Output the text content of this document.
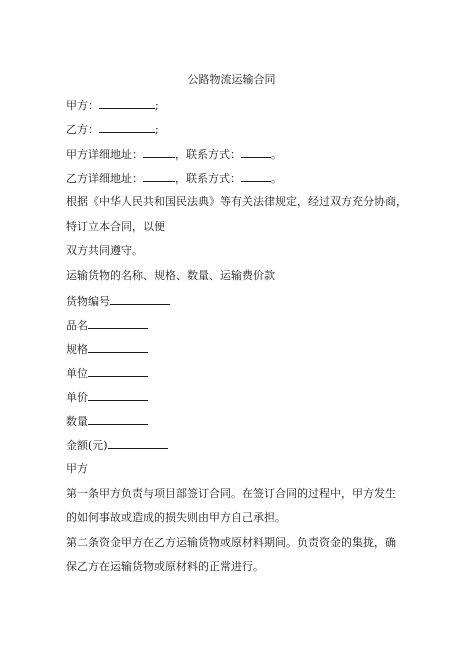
公路物流运输合同
甲方：	;
乙方：	;
甲方详细地址：	，联系方式：	。
乙方详细地址：	，联系方式：	。
根据《中华人民共和国民法典》等有关法律规定，经过双方充分协商，
特订立本合同，以便
双方共同遵守。
运输货物的名称、规格、数量、运输费价款
货物编号
品名
规格
单位
单价
数量
金额(元)
甲方
第一条甲方负责与项目部签订合同。在签订合同的过程中，甲方发生
的如何事故或造成的损失则由甲方自己承担。
第二条资金甲方在乙方运输货物或原材料期间。负责资金的集拢，确
保乙方在运输货物或原材料的正常进行。
